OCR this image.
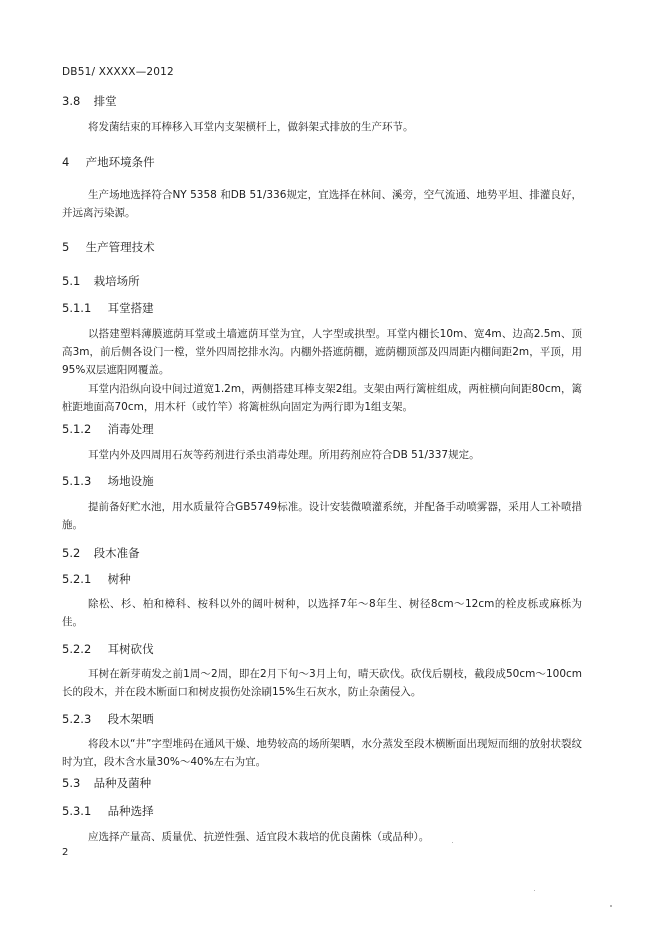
DB51/ XXXXX—2012
3.8 排堂
将发菌结束的耳棒移入耳堂内支架横杆上，做斜架式排放的生产环节。
4 产地环境条件
生产场地选择符合NY 5358 和DB 51/336规定，宜选择在林间、溪旁，空气流通、地势平坦、排灌良好，并远离污染源。
5 生产管理技术
5.1 栽培场所
5.1.1 耳堂搭建
以搭建塑料薄膜遮荫耳堂或土墙遮荫耳堂为宜，人字型或拱型。耳堂内棚长10m、宽4m、边高2.5m、顶高3m，前后侧各设门一樘，堂外四周挖排水沟。内棚外搭遮荫棚，遮荫棚顶部及四周距内棚间距2m，平顶，用95%双层遮阳网覆盖。
耳堂内沿纵向设中间过道宽1.2m，两侧搭建耳棒支架2组。支架由两行篱桩组成，两桩横向间距80cm，篱桩距地面高70cm，用木杆（或竹竿）将篱桩纵向固定为两行即为1组支架。
5.1.2 消毒处理
耳堂内外及四周用石灰等药剂进行杀虫消毒处理。所用药剂应符合DB 51/337规定。
5.1.3 场地设施
提前备好贮水池，用水质量符合GB5749标准。设计安装微喷灌系统，并配备手动喷雾器，采用人工补喷措施。
5.2 段木准备
5.2.1 树种
除松、杉、柏和樟科、桉科以外的阔叶树种，以选择7年～8年生、树径8cm～12cm的栓皮栎或麻栎为佳。
5.2.2 耳树砍伐
耳树在新芽萌发之前1周～2周，即在2月下旬～3月上旬，晴天砍伐。砍伐后剔枝，截段成50cm～100cm长的段木，并在段木断面口和树皮损伤处涂刷15%生石灰水，防止杂菌侵入。
5.2.3 段木架晒
将段木以“井”字型堆码在通风干燥、地势较高的场所架晒，水分蒸发至段木横断面出现短而细的放射状裂纹时为宜，段木含水量30%～40%左右为宜。
5.3 品种及菌种
5.3.1 品种选择
应选择产量高、质量优、抗逆性强、适宜段木栽培的优良菌株（或品种）。
2
